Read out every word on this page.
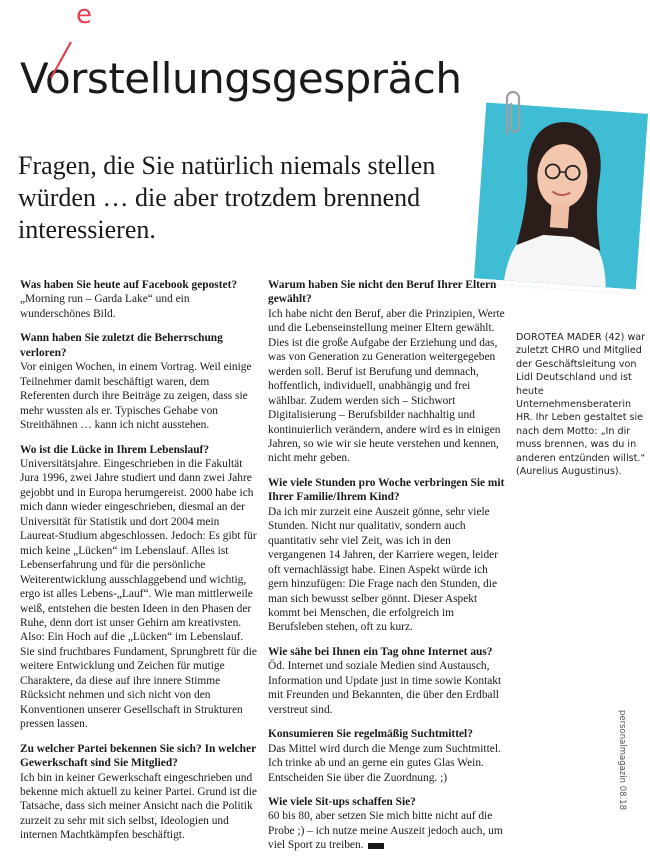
e
Vorstellungsgespräch

Fragen, die Sie natürlich niemals stellen würden … die aber trotzdem brennend interessieren.

Was haben Sie heute auf Facebook gepostet?
„Morning run – Garda Lake“ und ein wunderschönes Bild.
Wann haben Sie zuletzt die Beherrschung verloren?
Vor einigen Wochen, in einem Vortrag. Weil einige Teilnehmer damit beschäftigt waren, dem Referenten durch ihre Beiträge zu zeigen, dass sie mehr wussten als er. Typisches Gehabe von Streithähnen … kann ich nicht ausstehen.
Wo ist die Lücke in Ihrem Lebenslauf?
Universitätsjahre. Eingeschrieben in die Fakultät Jura 1996, zwei Jahre studiert und dann zwei Jahre gejobbt und in Europa herumgereist. 2000 habe ich mich dann wieder eingeschrieben, diesmal an der Universität für Statistik und dort 2004 mein Laureat-Studium abgeschlossen. Jedoch: Es gibt für mich keine „Lücken“ im Lebenslauf. Alles ist Lebenserfahrung und für die persönliche Weiterentwicklung ausschlaggebend und wichtig, ergo ist alles Lebens-„Lauf“. Wie man mittlerweile weiß, entstehen die besten Ideen in den Phasen der Ruhe, denn dort ist unser Gehirn am kreativsten. Also: Ein Hoch auf die „Lücken“ im Lebenslauf. Sie sind fruchtbares Fundament, Sprungbrett für die weitere Entwicklung und Zeichen für mutige Charaktere, da diese auf ihre innere Stimme Rücksicht nehmen und sich nicht von den Konventionen unserer Gesellschaft in Strukturen pressen lassen.
Zu welcher Partei bekennen Sie sich? In welcher Gewerkschaft sind Sie Mitglied?
Ich bin in keiner Gewerkschaft eingeschrieben und bekenne mich aktuell zu keiner Partei. Grund ist die Tatsache, dass sich meiner Ansicht nach die Politik zurzeit zu sehr mit sich selbst, Ideologien und internen Machtkämpfen beschäftigt.
Warum haben Sie nicht den Beruf Ihrer Eltern gewählt?
Ich habe nicht den Beruf, aber die Prinzipien, Werte und die Lebenseinstellung meiner Eltern gewählt. Dies ist die große Aufgabe der Erziehung und das, was von Generation zu Generation weitergegeben werden soll. Beruf ist Berufung und demnach, hoffentlich, individuell, unabhängig und frei wählbar. Zudem werden sich – Stichwort Digitalisierung – Berufsbilder nachhaltig und kontinuierlich verändern, andere wird es in einigen Jahren, so wie wir sie heute verstehen und kennen, nicht mehr geben.
Wie viele Stunden pro Woche verbringen Sie mit Ihrer Familie/Ihrem Kind?
Da ich mir zurzeit eine Auszeit gönne, sehr viele Stunden. Nicht nur qualitativ, sondern auch quantitativ sehr viel Zeit, was ich in den vergangenen 14 Jahren, der Karriere wegen, leider oft vernachlässigt habe. Einen Aspekt würde ich gern hinzufügen: Die Frage nach den Stunden, die man sich bewusst selber gönnt. Dieser Aspekt kommt bei Menschen, die erfolgreich im Berufsleben stehen, oft zu kurz.
Wie sähe bei Ihnen ein Tag ohne Internet aus?
Öd. Internet und soziale Medien sind Austausch, Information und Update just in time sowie Kontakt mit Freunden und Bekannten, die über den Erdball verstreut sind.
Konsumieren Sie regelmäßig Suchtmittel?
Das Mittel wird durch die Menge zum Suchtmittel. Ich trinke ab und an gerne ein gutes Glas Wein. Entscheiden Sie über die Zuordnung. ;)
Wie viele Sit-ups schaffen Sie?
60 bis 80, aber setzen Sie mich bitte nicht auf die Probe ;) – ich nutze meine Auszeit jedoch auch, um viel Sport zu treiben.
DOROTEA MADER (42) war zuletzt CHRO und Mitglied der Geschäftsleitung von Lidl Deutschland und ist heute Unternehmensberaterin HR. Ihr Leben gestaltet sie nach dem Motto: „In dir muss brennen, was du in anderen entzünden willst.“ (Aurelius Augustinus).
personalmagazin 08.18
